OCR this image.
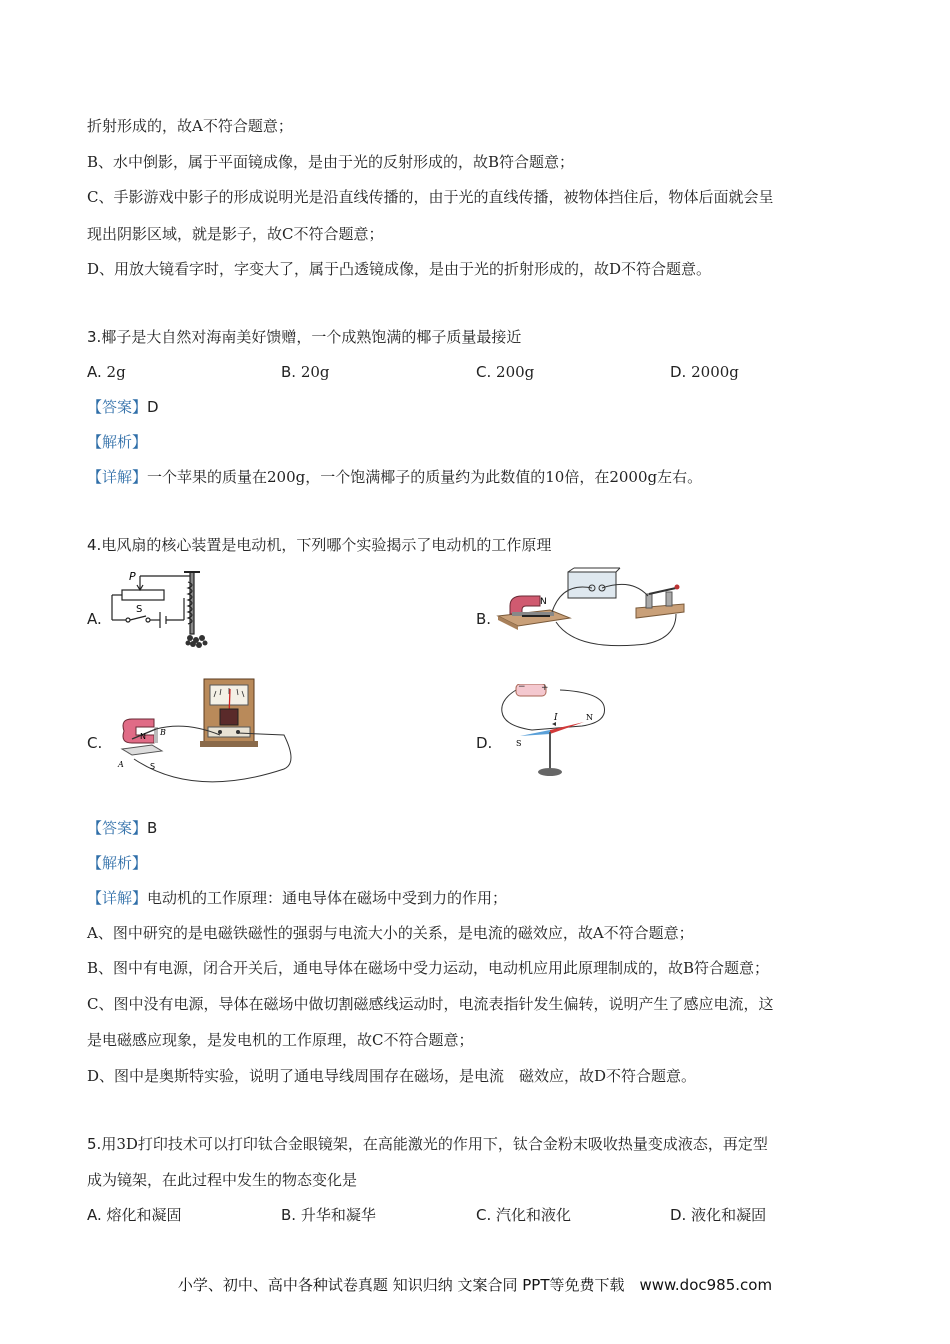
折射形成的，故A不符合题意；
B、水中倒影，属于平面镜成像，是由于光的反射形成的，故B符合题意；
C、手影游戏中影子的形成说明光是沿直线传播的，由于光的直线传播，被物体挡住后，物体后面就会呈
现出阴影区域，就是影子，故C不符合题意；
D、用放大镜看字时，字变大了，属于凸透镜成像，是由于光的折射形成的，故D不符合题意。
3.椰子是大自然对海南美好馈赠，一个成熟饱满的椰子质量最接近
A. 2g	B. 20g	C. 200g	D. 2000g
【答案】D
【解析】
【详解】一个苹果的质量在200g，一个饱满椰子的质量约为此数值的10倍，在2000g左右。
4.电风扇的核心装置是电动机，下列哪个实验揭示了电动机的工作原理
A.	B.
C.	D.
P
S
N
N
S
A
B
− +
I
S
N
【答案】B
【解析】
【详解】电动机的工作原理：通电导体在磁场中受到力的作用；
A、图中研究的是电磁铁磁性的强弱与电流大小的关系，是电流的磁效应，故A不符合题意；
B、图中有电源，闭合开关后，通电导体在磁场中受力运动，电动机应用此原理制成的，故B符合题意；
C、图中没有电源，导体在磁场中做切割磁感线运动时，电流表指针发生偏转，说明产生了感应电流，这
是电磁感应现象，是发电机的工作原理，故C不符合题意；
D、图中是奥斯特实验，说明了通电导线周围存在磁场，是电流　磁效应，故D不符合题意。
5.用3D打印技术可以打印钛合金眼镜架，在高能激光的作用下，钛合金粉末吸收热量变成液态，再定型
成为镜架，在此过程中发生的物态变化是
A. 熔化和凝固	B. 升华和凝华	C. 汽化和液化	D. 液化和凝固
小学、初中、高中各种试卷真题 知识归纳 文案合同 PPT等免费下载　www.doc985.com
